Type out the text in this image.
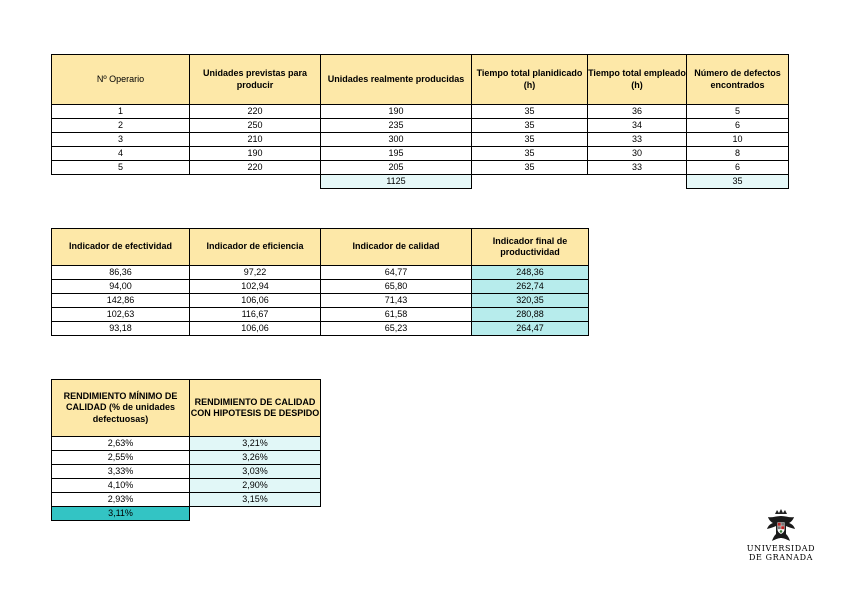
Nº Operario	Unidades previstas para producir	Unidades realmente producidas	Tiempo total planidicado (h)	Tiempo total empleado (h)	Número de defectos encontrados
1	220	190	35	36	5
2	250	235	35	34	6
3	210	300	35	33	10
4	190	195	35	30	8
5	220	205	35	33	6
		1125			35
Indicador de efectividad	Indicador de eficiencia	Indicador de calidad	Indicador final de productividad
86,36	97,22	64,77	248,36
94,00	102,94	65,80	262,74
142,86	106,06	71,43	320,35
102,63	116,67	61,58	280,88
93,18	106,06	65,23	264,47
RENDIMIENTO MÍNIMO DE CALIDAD (% de unidades defectuosas)	RENDIMIENTO DE CALIDAD CON HIPOTESIS DE DESPIDO
2,63%	3,21%
2,55%	3,26%
3,33%	3,03%
4,10%	2,90%
2,93%	3,15%
3,11%	
UNIVERSIDAD
DE GRANADA
